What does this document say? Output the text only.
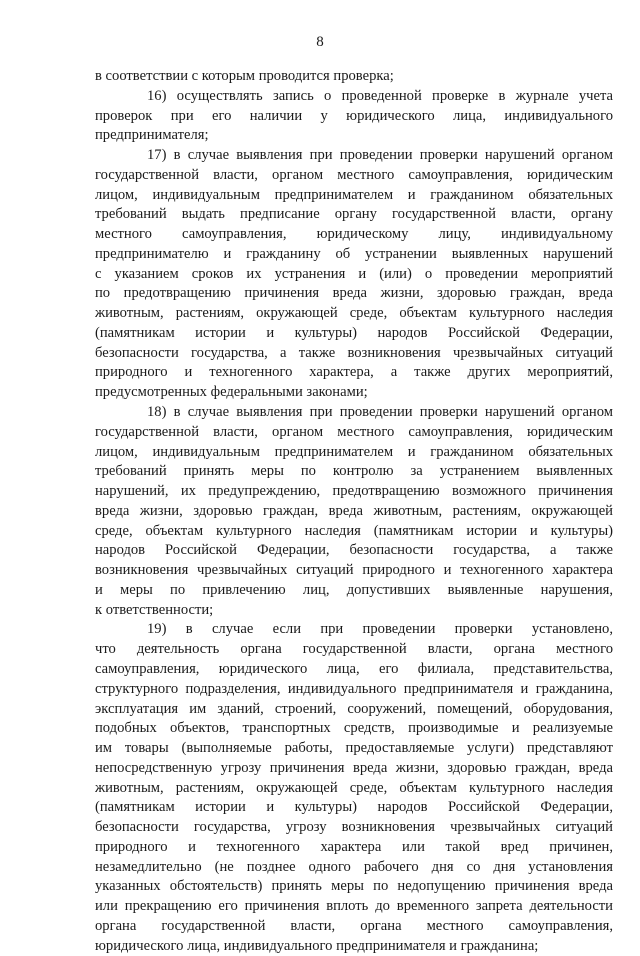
8
в соответствии с которым проводится проверка;
16) осуществлять запись о проведенной проверке в журнале учета
проверок при его наличии у юридического лица, индивидуального
предпринимателя;
17) в случае выявления при проведении проверки нарушений органом
государственной власти, органом местного самоуправления, юридическим
лицом, индивидуальным предпринимателем и гражданином обязательных
требований выдать предписание органу государственной власти, органу
местного самоуправления, юридическому лицу, индивидуальному
предпринимателю и гражданину об устранении выявленных нарушений
с указанием сроков их устранения и (или) о проведении мероприятий
по предотвращению причинения вреда жизни, здоровью граждан, вреда
животным, растениям, окружающей среде, объектам культурного наследия
(памятникам истории и культуры) народов Российской Федерации,
безопасности государства, а также возникновения чрезвычайных ситуаций
природного и техногенного характера, а также других мероприятий,
предусмотренных федеральными законами;
18) в случае выявления при проведении проверки нарушений органом
государственной власти, органом местного самоуправления, юридическим
лицом, индивидуальным предпринимателем и гражданином обязательных
требований принять меры по контролю за устранением выявленных
нарушений, их предупреждению, предотвращению возможного причинения
вреда жизни, здоровью граждан, вреда животным, растениям, окружающей
среде, объектам культурного наследия (памятникам истории и культуры)
народов Российской Федерации, безопасности государства, а также
возникновения чрезвычайных ситуаций природного и техногенного характера
и меры по привлечению лиц, допустивших выявленные нарушения,
к ответственности;
19) в случае если при проведении проверки установлено,
что деятельность органа государственной власти, органа местного
самоуправления, юридического лица, его филиала, представительства,
структурного подразделения, индивидуального предпринимателя и гражданина,
эксплуатация им зданий, строений, сооружений, помещений, оборудования,
подобных объектов, транспортных средств, производимые и реализуемые
им товары (выполняемые работы, предоставляемые услуги) представляют
непосредственную угрозу причинения вреда жизни, здоровью граждан, вреда
животным, растениям, окружающей среде, объектам культурного наследия
(памятникам истории и культуры) народов Российской Федерации,
безопасности государства, угрозу возникновения чрезвычайных ситуаций
природного и техногенного характера или такой вред причинен,
незамедлительно (не позднее одного рабочего дня со дня установления
указанных обстоятельств) принять меры по недопущению причинения вреда
или прекращению его причинения вплоть до временного запрета деятельности
органа государственной власти, органа местного самоуправления,
юридического лица, индивидуального предпринимателя и гражданина;
